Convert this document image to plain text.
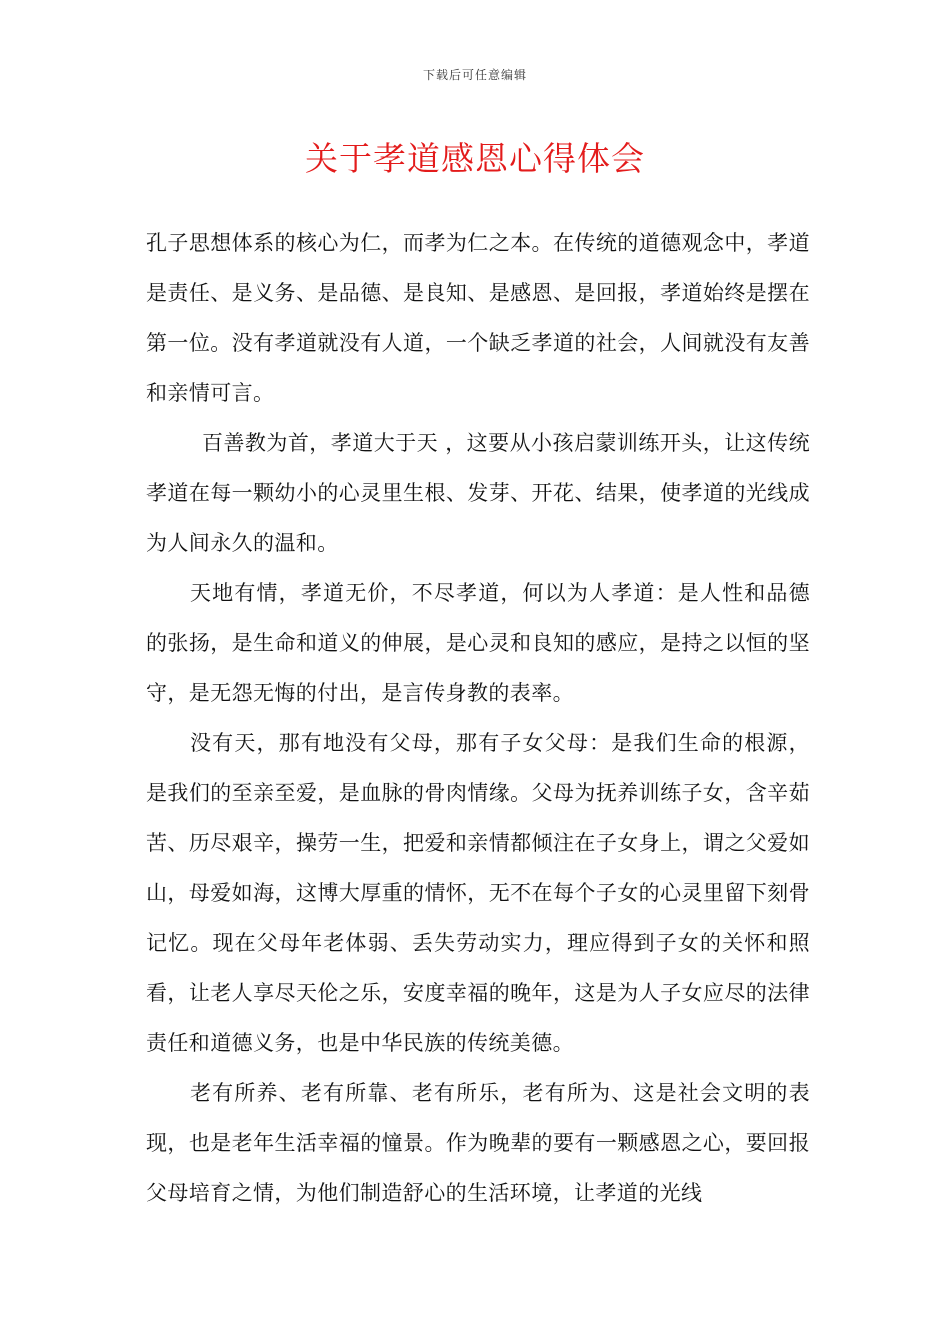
下载后可任意编辑
关于孝道感恩心得体会

孔子思想体系的核心为仁，而孝为仁之本。在传统的道德观念中，孝道是责任、是义务、是品德、是良知、是感恩、是回报，孝道始终是摆在第一位。没有孝道就没有人道，一个缺乏孝道的社会，人间就没有友善和亲情可言。

百善教为首，孝道大于天 ，这要从小孩启蒙训练开头，让这传统孝道在每一颗幼小的心灵里生根、发芽、开花、结果，使孝道的光线成为人间永久的温和。

天地有情，孝道无价，不尽孝道，何以为人孝道：是人性和品德的张扬，是生命和道义的伸展，是心灵和良知的感应，是持之以恒的坚守，是无怨无悔的付出，是言传身教的表率。

没有天，那有地没有父母，那有子女父母：是我们生命的根源，是我们的至亲至爱，是血脉的骨肉情缘。父母为抚养训练子女，含辛茹苦、历尽艰辛，操劳一生，把爱和亲情都倾注在子女身上，谓之父爱如山，母爱如海，这博大厚重的情怀，无不在每个子女的心灵里留下刻骨记忆。现在父母年老体弱、丢失劳动实力，理应得到子女的关怀和照看，让老人享尽天伦之乐，安度幸福的晚年，这是为人子女应尽的法律责任和道德义务，也是中华民族的传统美德。

老有所养、老有所靠、老有所乐，老有所为、这是社会文明的表现，也是老年生活幸福的憧景。作为晚辈的要有一颗感恩之心，要回报父母培育之情，为他们制造舒心的生活环境，让孝道的光线
